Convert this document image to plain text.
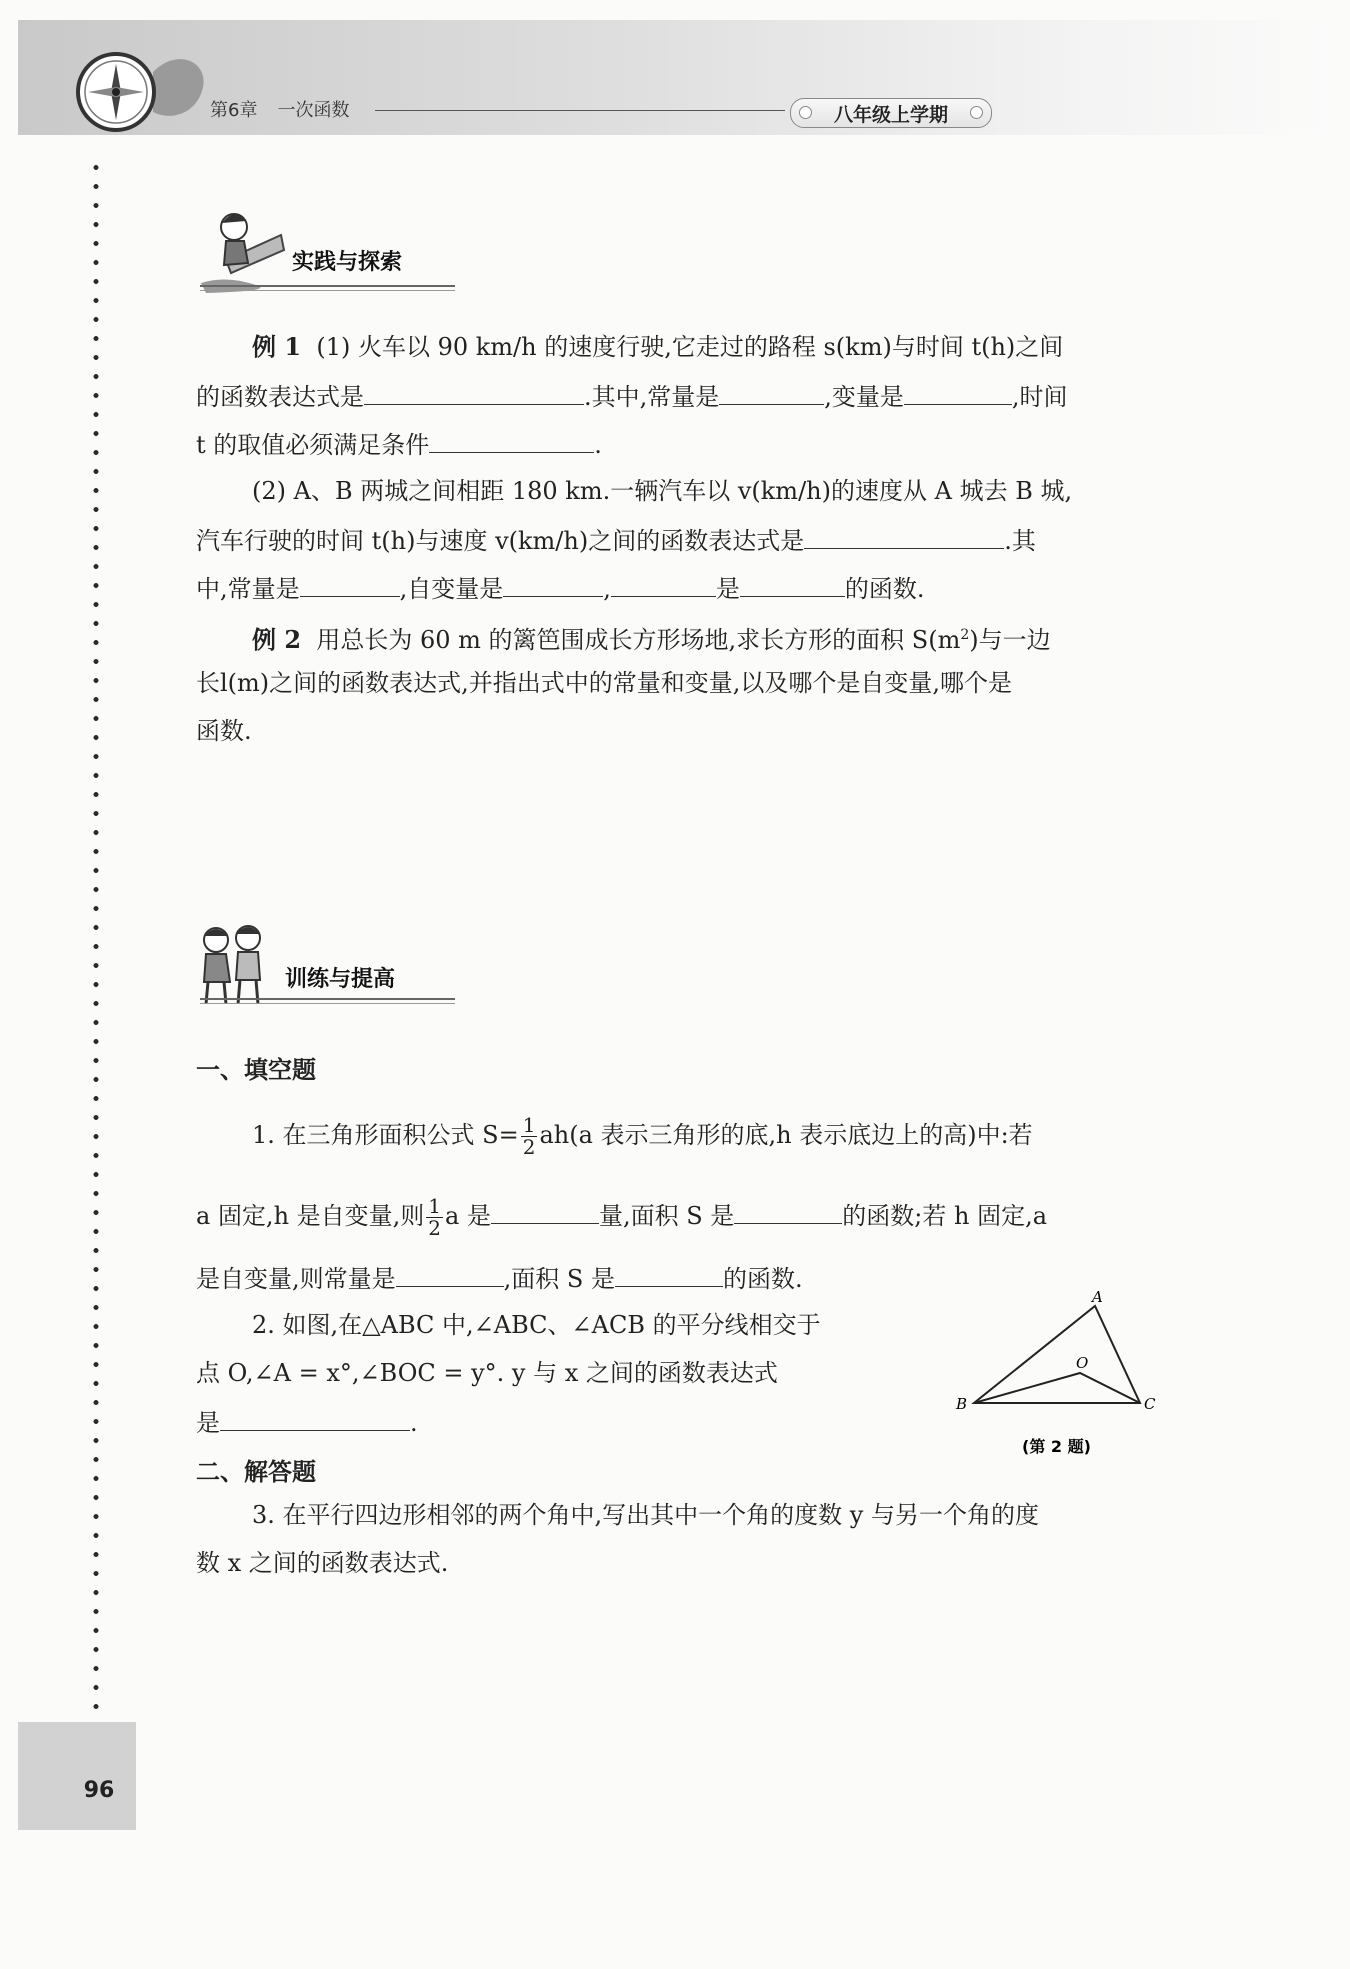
第6章 一次函数	八年级上学期
96
实践与探索
例 1 (1) 火车以 90 km/h 的速度行驶,它走过的路程 s(km)与时间 t(h)之间
的函数表达式是	.其中,常量是	,变量是	,时间
t 的取值必须满足条件	.
(2) A、B 两城之间相距 180 km.一辆汽车以 v(km/h)的速度从 A 城去 B 城,
汽车行驶的时间 t(h)与速度 v(km/h)之间的函数表达式是	.其
中,常量是	,自变量是	,	是	的函数.
例 2 用总长为 60 m 的篱笆围成长方形场地,求长方形的面积 $S(m^2)$与一边
长l(m)之间的函数表达式,并指出式中的常量和变量,以及哪个是自变量,哪个是
函数.
训练与提高
一、填空题
1. 在三角形面积公式 $S= \frac{1}{2} ah(a$ 表示三角形的底,h 表示底边上的高)中:若
a 固定,h 是自变量,则 $\frac{1}{2}$ a 是	量,面积 S 是	的函数;若 h 固定,a
是自变量,则常量是	,面积 S 是	的函数.
2. 如图,在△ABC 中,∠ABC、∠ACB 的平分线相交于
点 O,∠A = x°,∠BOC = y°. y 与 x 之间的函数表达式
是	.
A
B	C
O
(第 2 题)
二、解答题
3. 在平行四边形相邻的两个角中,写出其中一个角的度数 y 与另一个角的度
数 x 之间的函数表达式.
